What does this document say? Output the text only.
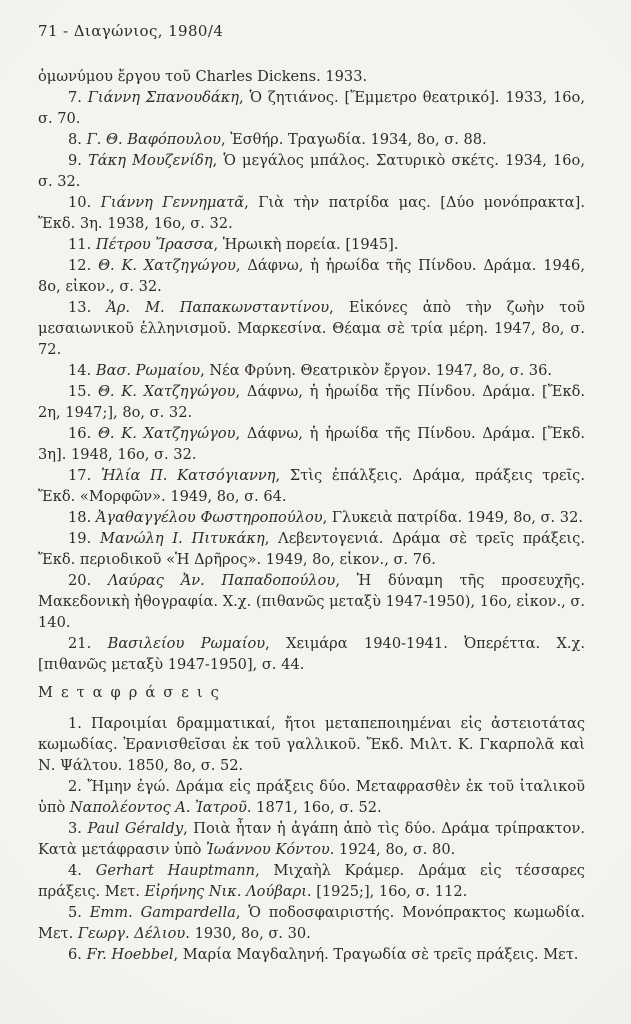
71 - Διαγώνιος, 1980/4

ὁμωνύμου ἔργου τοῦ Charles Dickens. 1933.

7. Γιάννη Σπανουδάκη, Ὁ ζητιάνος. [Ἔμμετρο θεατρικό]. 1933, 16ο, σ. 70.

8. Γ. Θ. Βαφόπουλου, Ἐσθήρ. Τραγωδία. 1934, 8ο, σ. 88.

9. Τάκη Μουζενίδη, Ὁ μεγάλος μπάλος. Σατυρικὸ σκέτς. 1934, 16ο, σ. 32.

10. Γιάννη Γεννηματᾶ, Γιὰ τὴν πατρίδα μας. [Δύο μονόπρακτα]. Ἔκδ. 3η. 1938, 16ο, σ. 32.

11. Πέτρου Ἴρασσα, Ἡρωικὴ πορεία. [1945].

12. Θ. Κ. Χατζηγώγου, Δάφνω, ἡ ἡρωίδα τῆς Πίνδου. Δράμα. 1946, 8ο, εἰκον., σ. 32.

13. Ἀρ. Μ. Παπακωνσταντίνου, Εἰκόνες ἀπὸ τὴν ζωὴν τοῦ μεσαιωνικοῦ ἑλληνισμοῦ. Μαρκεσίνα. Θέαμα σὲ τρία μέρη. 1947, 8ο, σ. 72.

14. Βασ. Ρωμαίου, Νέα Φρύνη. Θεατρικὸν ἔργον. 1947, 8ο, σ. 36.

15. Θ. Κ. Χατζηγώγου, Δάφνω, ἡ ἡρωίδα τῆς Πίνδου. Δράμα. [Ἔκδ. 2η, 1947;], 8ο, σ. 32.

16. Θ. Κ. Χατζηγώγου, Δάφνω, ἡ ἡρωίδα τῆς Πίνδου. Δράμα. [Ἔκδ. 3η]. 1948, 16ο, σ. 32.

17. Ἠλία Π. Κατσόγιαννη, Στὶς ἐπάλξεις. Δράμα, πράξεις τρεῖς. Ἔκδ. «Μορφῶν». 1949, 8ο, σ. 64.

18. Ἀγαθαγγέλου Φωστηροπούλου, Γλυκειὰ πατρίδα. 1949, 8ο, σ. 32.

19. Μανώλη Ι. Πιτυκάκη, Λεβεντογενιά. Δράμα σὲ τρεῖς πράξεις. Ἔκδ. περιοδικοῦ «Ἡ Δρῆρος». 1949, 8ο, εἰκον., σ. 76.

20. Λαύρας Ἀν. Παπαδοπούλου, Ἡ δύναμη τῆς προσευχῆς. Μακεδονικὴ ἠθογραφία. Χ.χ. (πιθανῶς μεταξὺ 1947-1950), 16ο, εἰκον., σ. 140.

21. Βασιλείου Ρωμαίου, Χειμάρα 1940-1941. Ὀπερέττα. Χ.χ. [πιθανῶς μεταξὺ 1947-1950], σ. 44.

Μεταφράσεις

1. Παροιμίαι δραμματικαί, ἤτοι μεταπεποιημέναι εἰς ἀστειοτάτας κωμωδίας. Ἐρανισθεῖσαι ἐκ τοῦ γαλλικοῦ. Ἔκδ. Μιλτ. Κ. Γκαρπολᾶ καὶ Ν. Ψάλτου. 1850, 8ο, σ. 52.

2. Ἤμην ἐγώ. Δράμα εἰς πράξεις δύο. Μεταφρασθὲν ἐκ τοῦ ἰταλικοῦ ὑπὸ Ναπολέοντος Α. Ἰατροῦ. 1871, 16ο, σ. 52.

3. Paul Géraldy, Ποιὰ ἦταν ἡ ἀγάπη ἀπὸ τὶς δύο. Δράμα τρίπρακτον. Κατὰ μετάφρασιν ὑπὸ Ἰωάννου Κόντου. 1924, 8ο, σ. 80.

4. Gerhart Hauptmann, Μιχαὴλ Κράμερ. Δράμα εἰς τέσσαρες πράξεις. Μετ. Εἰρήνης Νικ. Λούβαρι. [1925;], 16ο, σ. 112.

5. Emm. Gampardella, Ὁ ποδοσφαιριστής. Μονόπρακτος κωμωδία. Μετ. Γεωργ. Δέλιου. 1930, 8ο, σ. 30.

6. Fr. Hoebbel, Μαρία Μαγδαληνή. Τραγωδία σὲ τρεῖς πράξεις. Μετ.
